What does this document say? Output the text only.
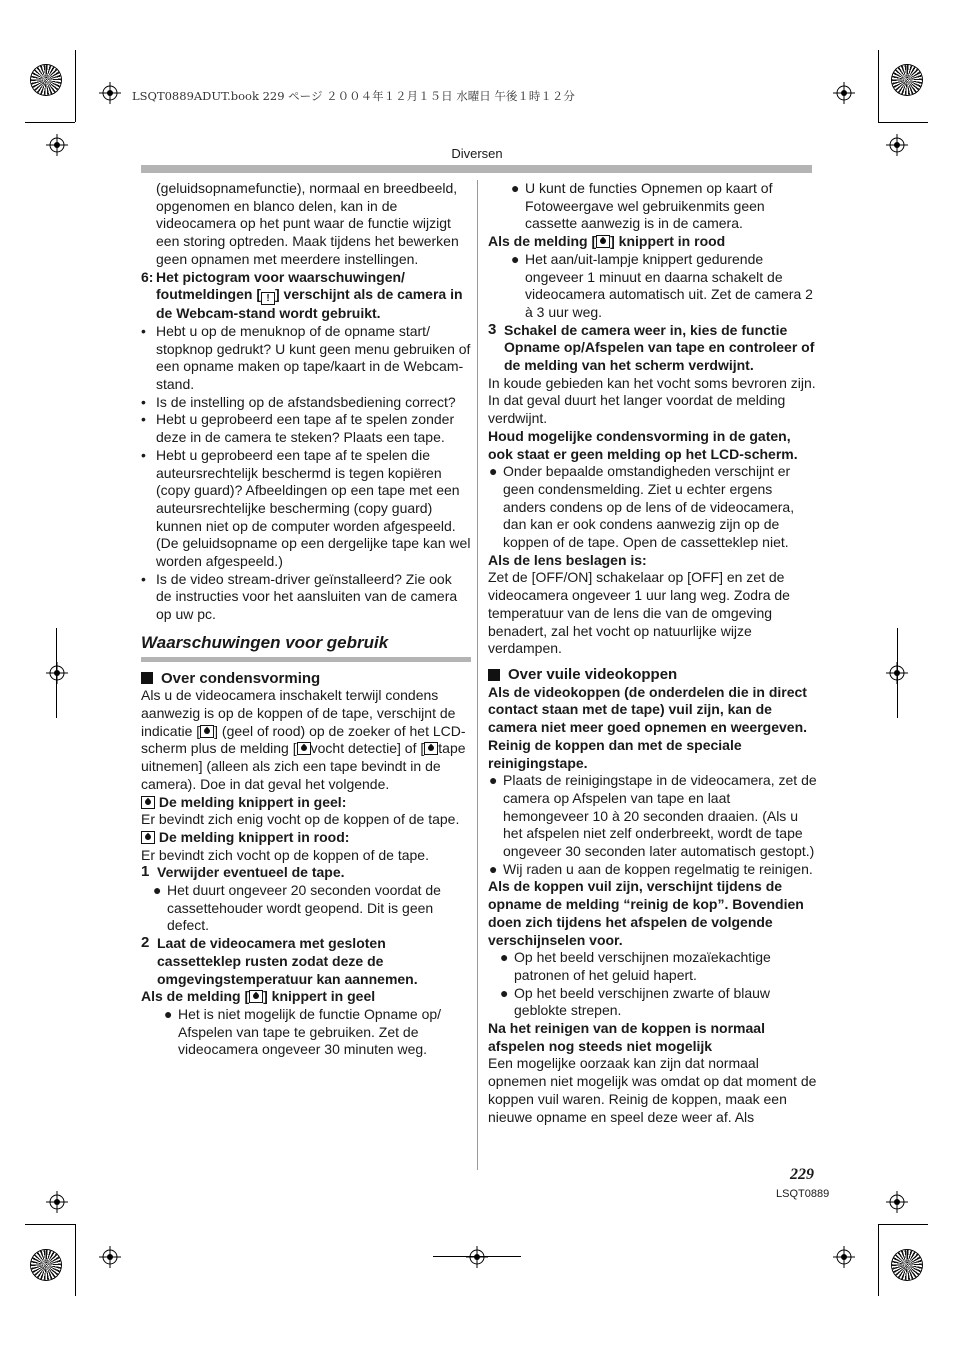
LSQT0889ADUT.book 229 ページ ２００４年１２月１５日 水曜日 午後１時１２分
Diversen

(geluidsopnamefunctie), normaal en breedbeeld, opgenomen en blanco delen, kan in de videocamera op het punt waar de functie wijzigt een storing optreden. Maak tijdens het bewerken geen opnamen met meerdere instellingen.

6: Het pictogram voor waarschuwingen/ foutmeldingen [ ! ] verschijnt als de camera in de Webcam-stand wordt gebruikt.

• Hebt u op de menuknop of de opname start/ stopknop gedrukt? U kunt geen menu gebruiken of een opname maken op tape/kaart in de Webcam-stand.

• Is de instelling op de afstandsbediening correct?

• Hebt u geprobeerd een tape af te spelen zonder deze in de camera te steken? Plaats een tape.

• Hebt u geprobeerd een tape af te spelen die auteursrechtelijk beschermd is tegen kopiëren (copy guard)? Afbeeldingen op een tape met een auteursrechtelijke bescherming (copy guard) kunnen niet op de computer worden afgespeeld. (De geluidsopname op een dergelijke tape kan wel worden afgespeeld.)

• Is de video stream-driver geïnstalleerd? Zie ook de instructies voor het aansluiten van de camera op uw pc.

Waarschuwingen voor gebruik
Over condensvorming

Als u de videocamera inschakelt terwijl condens aanwezig is op de koppen of de tape, verschijnt de indicatie [ ] (geel of rood) op de zoeker of het LCD-scherm plus de melding [ vocht detectie] of [ tape uitnemen] (alleen als zich een tape bevindt in de camera). Doe in dat geval het volgende.

De melding knippert in geel:

Er bevindt zich enig vocht op de koppen of de tape.

De melding knippert in rood:

Er bevindt zich vocht op de koppen of de tape.

1 Verwijder eventueel de tape.

● Het duurt ongeveer 20 seconden voordat de cassettehouder wordt geopend. Dit is geen defect.

2 Laat de videocamera met gesloten cassetteklep rusten zodat deze de omgevingstemperatuur kan aannemen.

Als de melding [ ] knippert in geel

● Het is niet mogelijk de functie Opname op/ Afspelen van tape te gebruiken. Zet de videocamera ongeveer 30 minuten weg.

● U kunt de functies Opnemen op kaart of Fotoweergave wel gebruikenmits geen cassette aanwezig is in de camera.

Als de melding [ ] knippert in rood

● Het aan/uit-lampje knippert gedurende ongeveer 1 minuut en daarna schakelt de videocamera automatisch uit. Zet de camera 2 à 3 uur weg.

3 Schakel de camera weer in, kies de functie Opname op/Afspelen van tape en controleer of de melding van het scherm verdwijnt.

In koude gebieden kan het vocht soms bevroren zijn. In dat geval duurt het langer voordat de melding verdwijnt.

Houd mogelijke condensvorming in de gaten, ook staat er geen melding op het LCD-scherm.

● Onder bepaalde omstandigheden verschijnt er geen condensmelding. Ziet u echter ergens anders condens op de lens of de videocamera, dan kan er ook condens aanwezig zijn op de koppen of de tape. Open de cassetteklep niet.

Als de lens beslagen is:

Zet de [OFF/ON] schakelaar op [OFF] en zet de videocamera ongeveer 1 uur lang weg. Zodra de temperatuur van de lens die van de omgeving benadert, zal het vocht op natuurlijke wijze verdampen.

Over vuile videokoppen

Als de videokoppen (de onderdelen die in direct contact staan met de tape) vuil zijn, kan de camera niet meer goed opnemen en weergeven. Reinig de koppen dan met de speciale reinigingstape.

● Plaats de reinigingstape in de videocamera, zet de camera op Afspelen van tape en laat hemongeveer 10 à 20 seconden draaien. (Als u het afspelen niet zelf onderbreekt, wordt de tape ongeveer 30 seconden later automatisch gestopt.)

● Wij raden u aan de koppen regelmatig te reinigen.

Als de koppen vuil zijn, verschijnt tijdens de opname de melding “reinig de kop”. Bovendien doen zich tijdens het afspelen de volgende verschijnselen voor.

● Op het beeld verschijnen mozaïekachtige patronen of het geluid hapert.

● Op het beeld verschijnen zwarte of blauw geblokte strepen.

Na het reinigen van de koppen is normaal afspelen nog steeds niet mogelijk

Een mogelijke oorzaak kan zijn dat normaal opnemen niet mogelijk was omdat op dat moment de koppen vuil waren. Reinig de koppen, maak een nieuwe opname en speel deze weer af. Als

229
LSQT0889
